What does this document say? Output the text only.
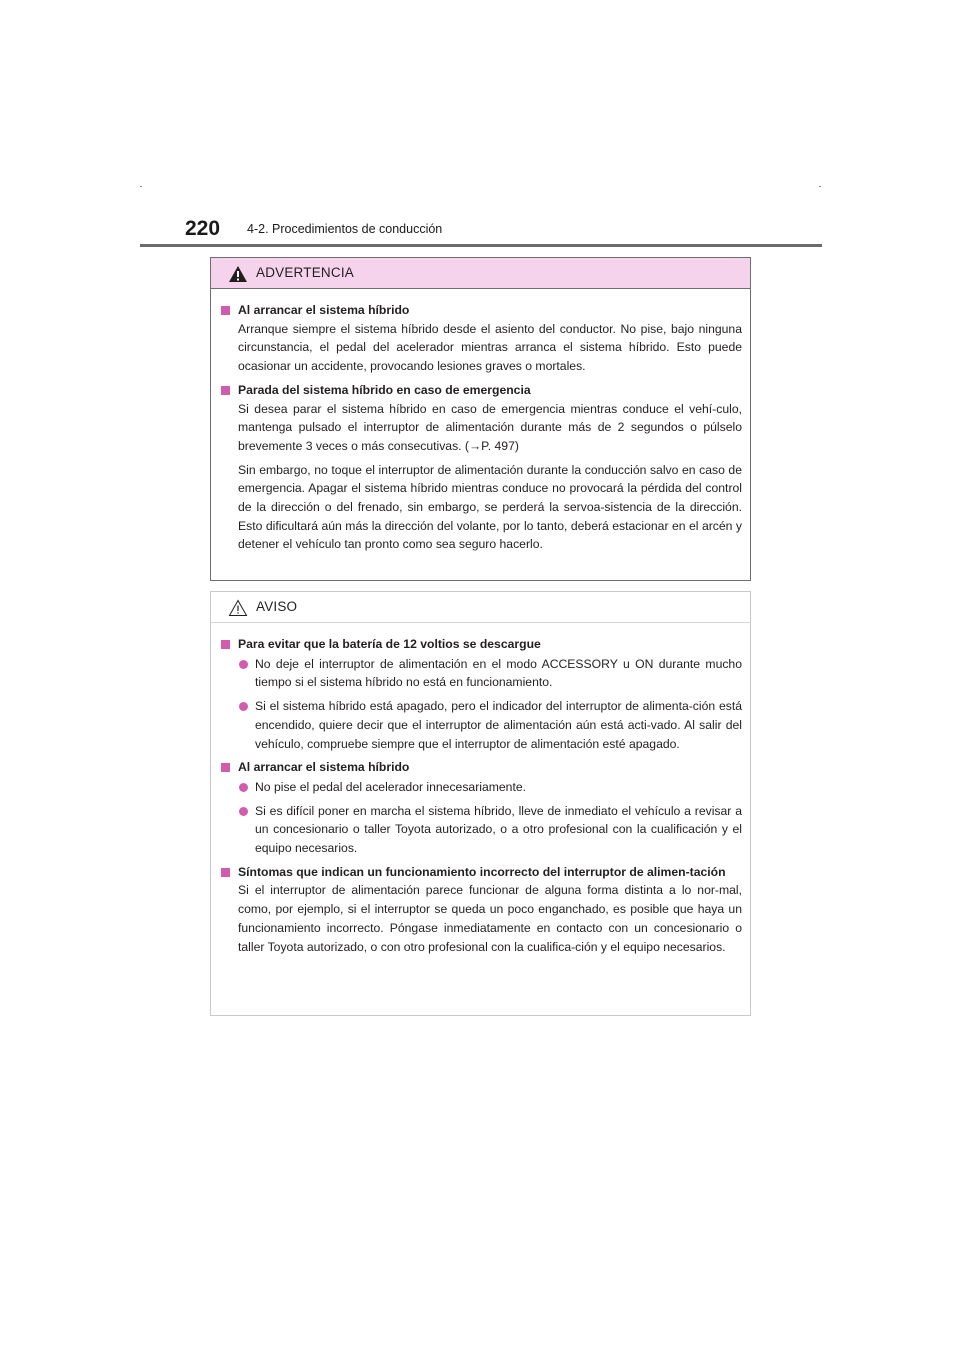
220 4-2. Procedimientos de conducción
ADVERTENCIA
Al arrancar el sistema híbrido

Arranque siempre el sistema híbrido desde el asiento del conductor. No pise, bajo ninguna circunstancia, el pedal del acelerador mientras arranca el sistema híbrido. Esto puede ocasionar un accidente, provocando lesiones graves o mortales.

Parada del sistema híbrido en caso de emergencia

Si desea parar el sistema híbrido en caso de emergencia mientras conduce el vehí-culo, mantenga pulsado el interruptor de alimentación durante más de 2 segundos o púlselo brevemente 3 veces o más consecutivas. (→P. 497)

Sin embargo, no toque el interruptor de alimentación durante la conducción salvo en caso de emergencia. Apagar el sistema híbrido mientras conduce no provocará la pérdida del control de la dirección o del frenado, sin embargo, se perderá la servoa-sistencia de la dirección. Esto dificultará aún más la dirección del volante, por lo tanto, deberá estacionar en el arcén y detener el vehículo tan pronto como sea seguro hacerlo.

AVISO
Para evitar que la batería de 12 voltios se descargue

No deje el interruptor de alimentación en el modo ACCESSORY u ON durante mucho tiempo si el sistema híbrido no está en funcionamiento.

Si el sistema híbrido está apagado, pero el indicador del interruptor de alimenta-ción está encendido, quiere decir que el interruptor de alimentación aún está acti-vado. Al salir del vehículo, compruebe siempre que el interruptor de alimentación esté apagado.

Al arrancar el sistema híbrido

No pise el pedal del acelerador innecesariamente.

Si es difícil poner en marcha el sistema híbrido, lleve de inmediato el vehículo a revisar a un concesionario o taller Toyota autorizado, o a otro profesional con la cualificación y el equipo necesarios.

Síntomas que indican un funcionamiento incorrecto del interruptor de alimen-tación

Si el interruptor de alimentación parece funcionar de alguna forma distinta a lo nor-mal, como, por ejemplo, si el interruptor se queda un poco enganchado, es posible que haya un funcionamiento incorrecto. Póngase inmediatamente en contacto con un concesionario o taller Toyota autorizado, o con otro profesional con la cualifica-ción y el equipo necesarios.
